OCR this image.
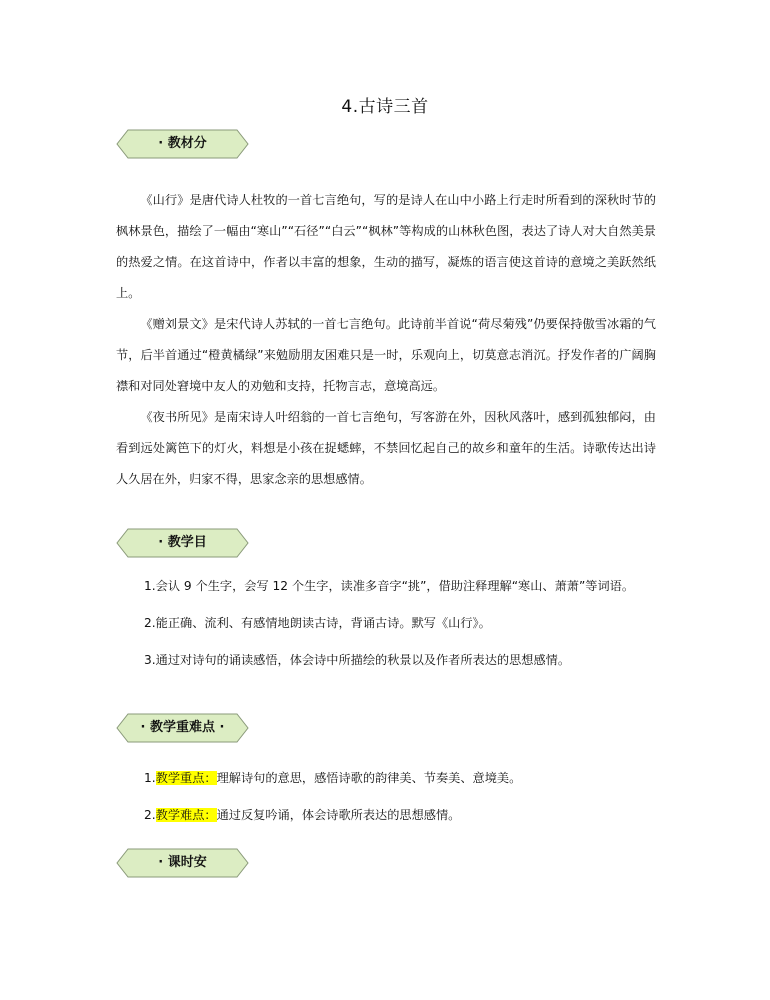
4.古诗三首
· 教材分

《山行》是唐代诗人杜牧的一首七言绝句，写的是诗人在山中小路上行走时所看到的深秋时节的枫林景色，描绘了一幅由“寒山”“石径”“白云”“枫林”等构成的山林秋色图，表达了诗人对大自然美景的热爱之情。在这首诗中，作者以丰富的想象，生动的描写，凝炼的语言使这首诗的意境之美跃然纸上。

《赠刘景文》是宋代诗人苏轼的一首七言绝句。此诗前半首说“荷尽菊残”仍要保持傲雪冰霜的气节，后半首通过“橙黄橘绿”来勉励朋友困难只是一时，乐观向上，切莫意志消沉。抒发作者的广阔胸襟和对同处窘境中友人的劝勉和支持，托物言志，意境高远。

《夜书所见》是南宋诗人叶绍翁的一首七言绝句，写客游在外，因秋风落叶，感到孤独郁闷，由看到远处篱笆下的灯火，料想是小孩在捉蟋蟀，不禁回忆起自己的故乡和童年的生活。诗歌传达出诗人久居在外，归家不得，思家念亲的思想感情。

· 教学目
1.会认 9 个生字，会写 12 个生字，读准多音字“挑”，借助注释理解“寒山、萧萧”等词语。
2.能正确、流利、有感情地朗读古诗，背诵古诗。默写《山行》。
3.通过对诗句的诵读感悟，体会诗中所描绘的秋景以及作者所表达的思想感情。
· 教学重难点 ·
1.教学重点：理解诗句的意思，感悟诗歌的韵律美、节奏美、意境美。
2.教学难点：通过反复吟诵，体会诗歌所表达的思想感情。
· 课时安
